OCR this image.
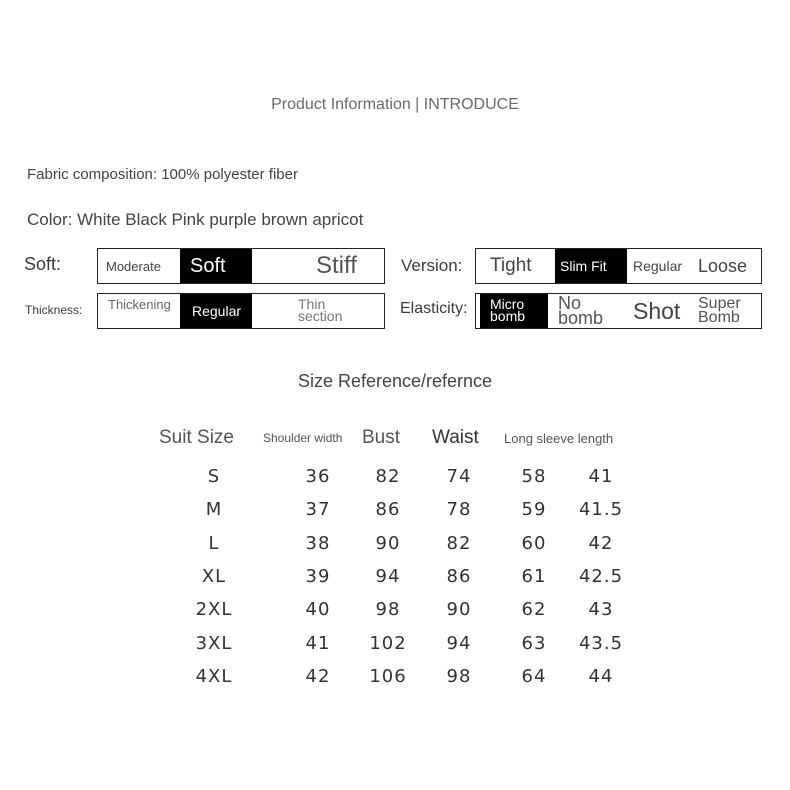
Product Information | INTRODUCE
Fabric composition: 100% polyester fiber
Color: White Black Pink purple brown apricot
Soft:	Moderate	Soft	Stiff	Version: Tight	Slim Fit	Regular Loose
Thickness: Thickening	Regular	Thin section	Elasticity: Micro bomb
No bomb Shot	Super Bomb
Size Reference/refernce
Suit Size Shoulder width Bust Waist Long sleeve length
S	36	82	74	58	41
M	37	86	78	59	41.5
L	38	90	82	60	42
XL	39	94	86	61	42.5
2XL	40	98	90	62	43
3XL	41	102	94	63	43.5
4XL	42	106	98	64	44
